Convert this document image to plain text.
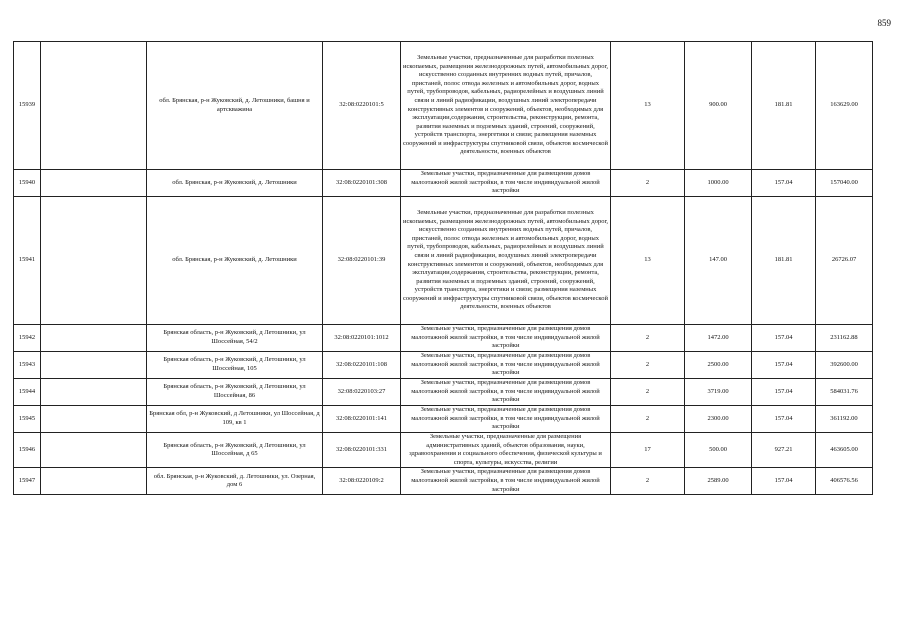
859
15939		обл. Брянская, р-н Жуковский, д. Летошники, башня и артскважина	32:08:0220101:5	Земельные участки, предназначенные для разработки полезных ископаемых, размещения железнодорожных путей, автомобильных дорог, искусственно созданных внутренних водных путей, причалов, пристаней, полос отвода железных и автомобильных дорог, водных путей, трубопроводов, кабельных, радиорелейных и воздушных линий связи и линий радиофикации, воздушных линий электропередачи конструктивных элементов и сооружений, объектов, необходимых для эксплуатации,содержания, строительства, реконструкции, ремонта, развития наземных и подземных зданий, строений, сооружений, устройств транспорта, энергетики и связи; размещения наземных сооружений и инфраструктуры спутниковой связи, объектов космической деятельности, военных объектов	13	900.00	181.81	163629.00
15940		обл. Брянская, р-н Жуковский, д. Летошники	32:08:0220101:308	Земельные участки, предназначенные для размещения домов малоэтажной жилой застройки, в том числе индивидуальной жилой застройки	2	1000.00	157.04	157040.00
15941		обл. Брянская, р-н Жуковский, д. Летошники	32:08:0220101:39	Земельные участки, предназначенные для разработки полезных ископаемых, размещения железнодорожных путей, автомобильных дорог, искусственно созданных внутренних водных путей, причалов, пристаней, полос отвода железных и автомобильных дорог, водных путей, трубопроводов, кабельных, радиорелейных и воздушных линий связи и линий радиофикации, воздушных линий электропередачи конструктивных элементов и сооружений, объектов, необходимых для эксплуатации,содержания, строительства, реконструкции, ремонта, развития наземных и подземных зданий, строений, сооружений, устройств транспорта, энергетики и связи; размещения наземных сооружений и инфраструктуры спутниковой связи, объектов космической деятельности, военных объектов	13	147.00	181.81	26726.07
15942		Брянская область, р-н Жуковский, д Летошники, ул Шоссейная, 54/2	32:08:0220101:1012	Земельные участки, предназначенные для размещения домов малоэтажной жилой застройки, в том числе индивидуальной жилой застройки	2	1472.00	157.04	231162.88
15943		Брянская область, р-н Жуковский, д Летошники, ул Шоссейная, 105	32:08:0220101:108	Земельные участки, предназначенные для размещения домов малоэтажной жилой застройки, в том числе индивидуальной жилой застройки	2	2500.00	157.04	392600.00
15944		Брянская область, р-н Жуковский, д Летошники, ул Шоссейная, 86	32:08:0220103:27	Земельные участки, предназначенные для размещения домов малоэтажной жилой застройки, в том числе индивидуальной жилой застройки	2	3719.00	157.04	584031.76
15945		Брянская обл, р-н Жуковский, д Летошники, ул Шоссейная, д 109, кв 1	32:08:0220101:141	Земельные участки, предназначенные для размещения домов малоэтажной жилой застройки, в том числе индивидуальной жилой застройки	2	2300.00	157.04	361192.00
15946		Брянская область, р-н Жуковский, д Летошники, ул Шоссейная, д 65	32:08:0220101:331	Земельные участки, предназначенные для размещения административных зданий, объектов образования, науки, здравоохранения и социального обеспечения, физической культуры и спорта, культуры, искусства, религии	17	500.00	927.21	463605.00
15947		обл. Брянская, р-н Жуковский, д. Летошники, ул. Озерная, дом 6	32:08:0220109:2	Земельные участки, предназначенные для размещения домов малоэтажной жилой застройки, в том числе индивидуальной жилой застройки	2	2589.00	157.04	406576.56
